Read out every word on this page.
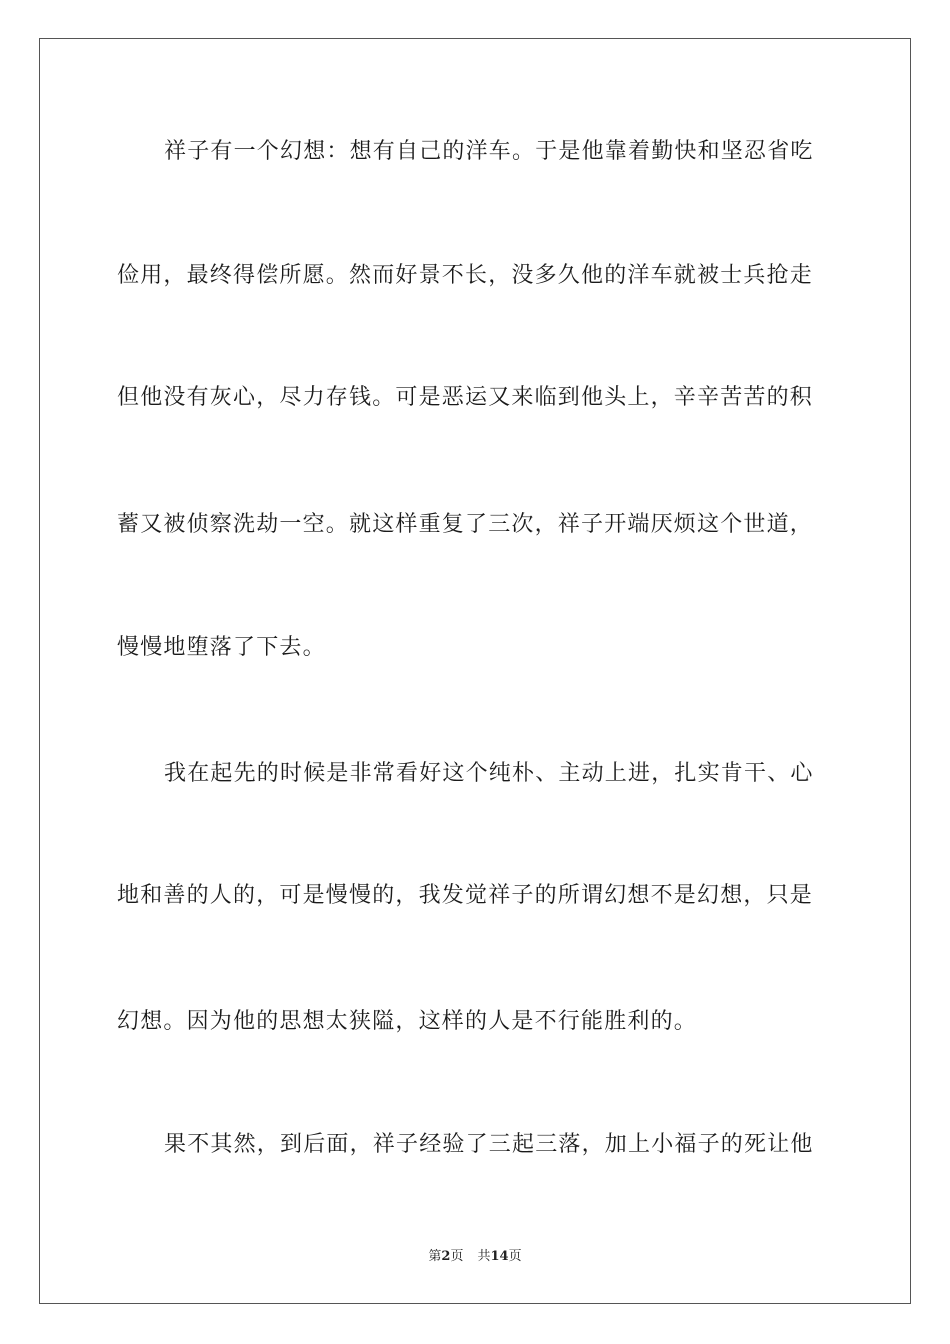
祥子有一个幻想：想有自己的洋车。于是他靠着勤快和坚忍省吃
俭用，最终得偿所愿。然而好景不长，没多久他的洋车就被士兵抢走
但他没有灰心，尽力存钱。可是恶运又来临到他头上，辛辛苦苦的积
蓄又被侦察洗劫一空。就这样重复了三次，祥子开端厌烦这个世道，
慢慢地堕落了下去。
我在起先的时候是非常看好这个纯朴、主动上进，扎实肯干、心
地和善的人的，可是慢慢的，我发觉祥子的所谓幻想不是幻想，只是
幻想。因为他的思想太狭隘，这样的人是不行能胜利的。
果不其然，到后面，祥子经验了三起三落，加上小福子的死让他
第2页 共14页
